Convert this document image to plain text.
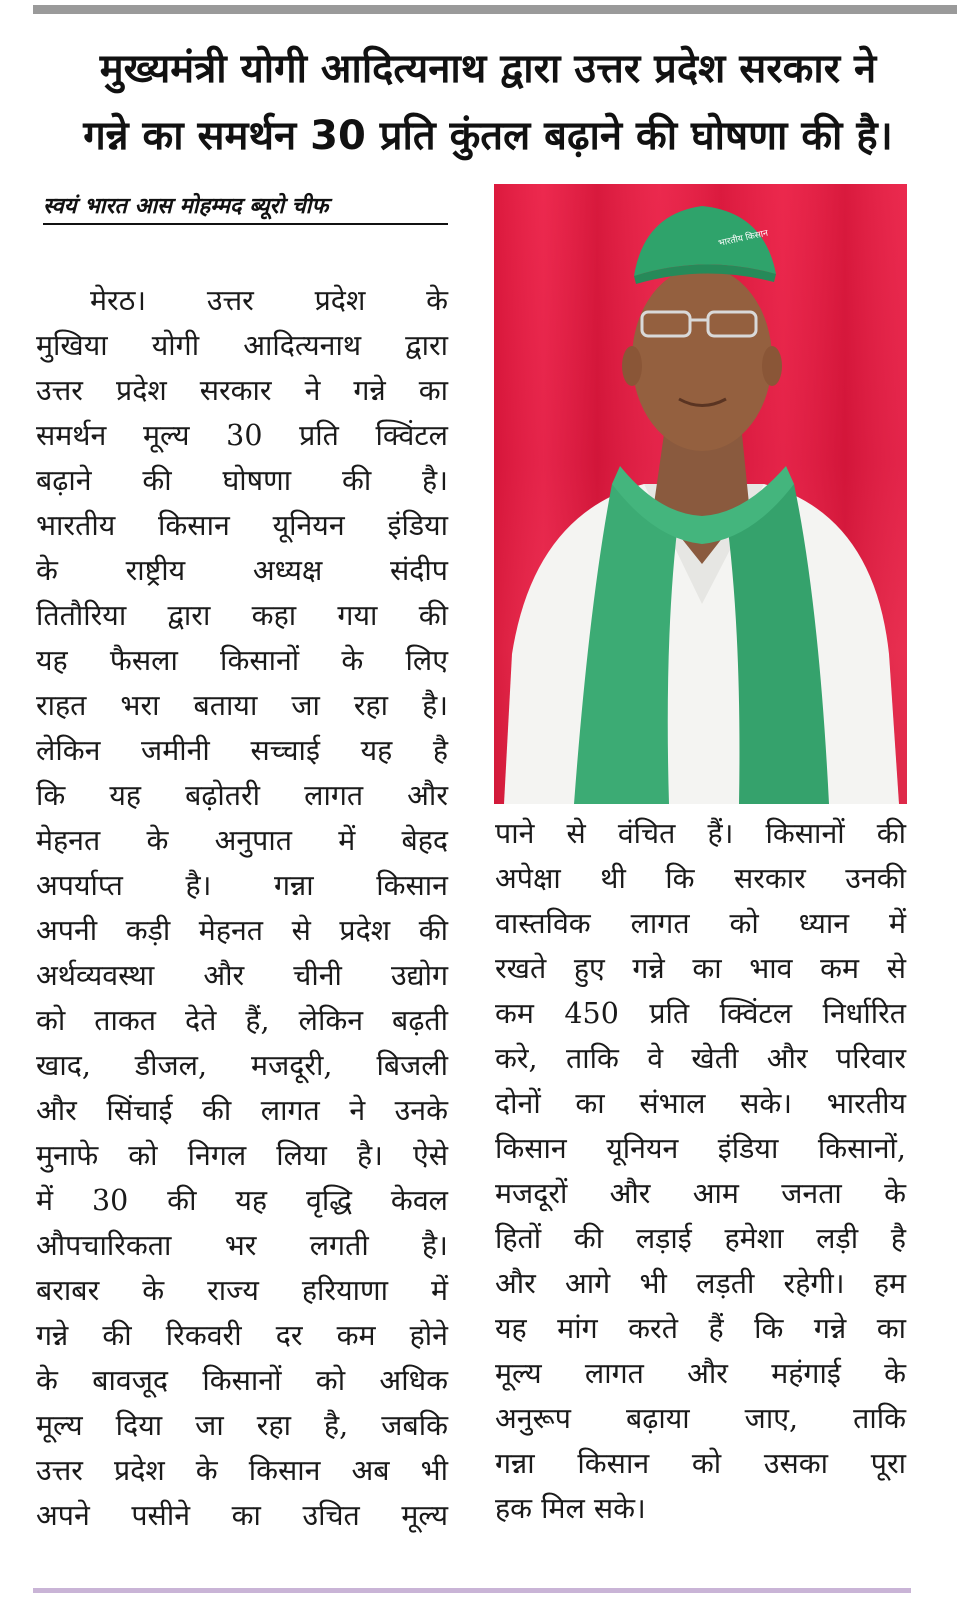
मुख्यमंत्री योगी आदित्यनाथ द्वारा उत्तर प्रदेश सरकार ने
गन्ने का समर्थन 30 प्रति कुंतल बढ़ाने की घोषणा की है।
स्वयं भारत आस मोहम्मद ब्यूरो चीफ
मेरठ। उत्तर प्रदेश के
मुखिया योगी आदित्यनाथ द्वारा
उत्तर प्रदेश सरकार ने गन्ने का
समर्थन मूल्य 30 प्रति क्विंटल
बढ़ाने की घोषणा की है।
भारतीय किसान यूनियन इंडिया
के राष्ट्रीय अध्यक्ष संदीप
तितौरिया द्वारा कहा गया की
यह फैसला किसानों के लिए
राहत भरा बताया जा रहा है।
लेकिन जमीनी सच्चाई यह है
कि यह बढ़ोतरी लागत और
मेहनत के अनुपात में बेहद
अपर्याप्त है। गन्ना किसान
अपनी कड़ी मेहनत से प्रदेश की
अर्थव्यवस्था और चीनी उद्योग
को ताकत देते हैं, लेकिन बढ़ती
खाद, डीजल, मजदूरी, बिजली
और सिंचाई की लागत ने उनके
मुनाफे को निगल लिया है। ऐसे
में 30 की यह वृद्धि केवल
औपचारिकता भर लगती है।
बराबर के राज्य हरियाणा में
गन्ने की रिकवरी दर कम होने
के बावजूद किसानों को अधिक
मूल्य दिया जा रहा है, जबकि
उत्तर प्रदेश के किसान अब भी
अपने पसीने का उचित मूल्य
भारतीय किसान
पाने से वंचित हैं। किसानों की
अपेक्षा थी कि सरकार उनकी
वास्तविक लागत को ध्यान में
रखते हुए गन्ने का भाव कम से
कम 450 प्रति क्विंटल निर्धारित
करे, ताकि वे खेती और परिवार
दोनों का संभाल सके। भारतीय
किसान यूनियन इंडिया किसानों,
मजदूरों और आम जनता के
हितों की लड़ाई हमेशा लड़ी है
और आगे भी लड़ती रहेगी। हम
यह मांग करते हैं कि गन्ने का
मूल्य लागत और महंगाई के
अनुरूप बढ़ाया जाए, ताकि
गन्ना किसान को उसका पूरा
हक मिल सके।
